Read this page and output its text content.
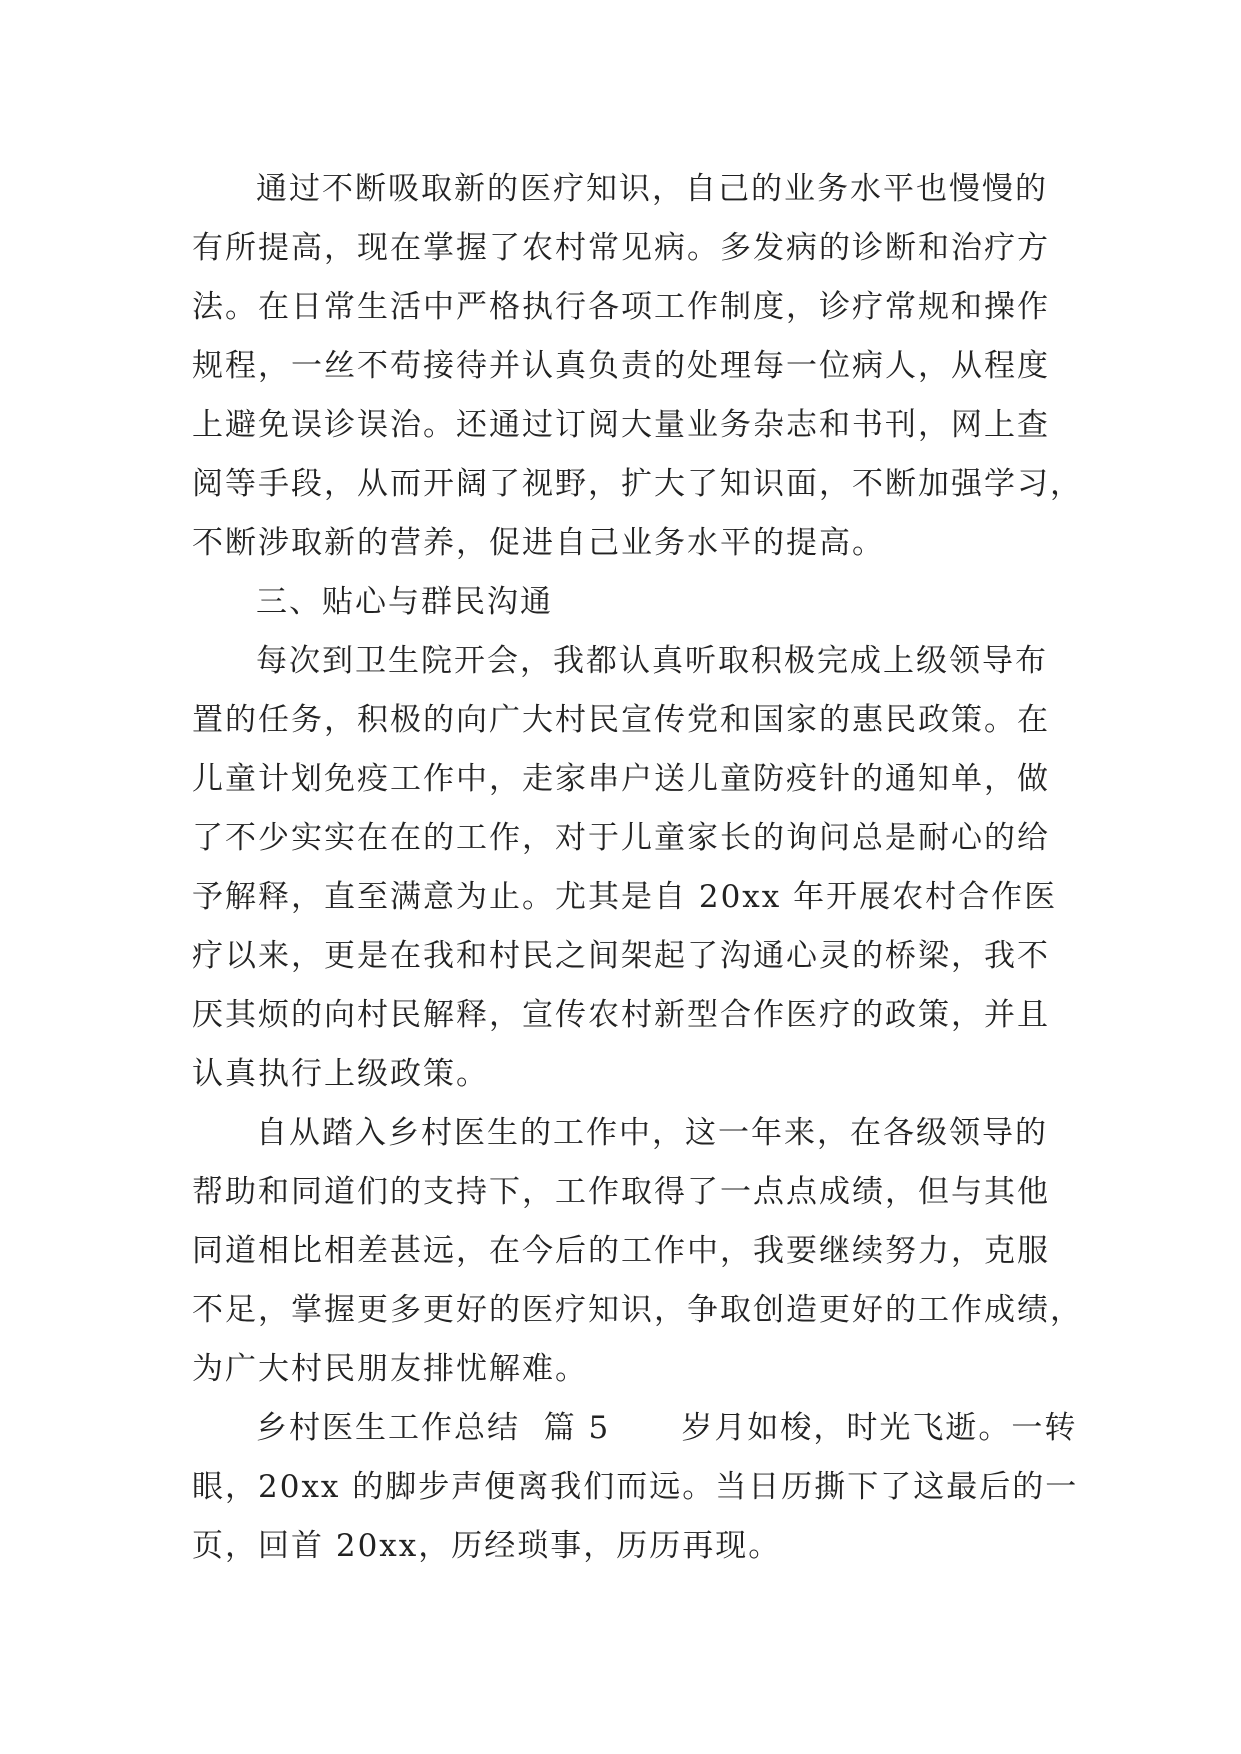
通过不断吸取新的医疗知识，自己的业务水平也慢慢的
有所提高，现在掌握了农村常见病。多发病的诊断和治疗方
法。在日常生活中严格执行各项工作制度，诊疗常规和操作
规程，一丝不苟接待并认真负责的处理每一位病人，从程度
上避免误诊误治。还通过订阅大量业务杂志和书刊，网上查
阅等手段，从而开阔了视野，扩大了知识面，不断加强学习，
不断涉取新的营养，促进自己业务水平的提高。
三、贴心与群民沟通
每次到卫生院开会，我都认真听取积极完成上级领导布
置的任务，积极的向广大村民宣传党和国家的惠民政策。在
儿童计划免疫工作中，走家串户送儿童防疫针的通知单，做
了不少实实在在的工作，对于儿童家长的询问总是耐心的给
予解释，直至满意为止。尤其是自 20xx 年开展农村合作医
疗以来，更是在我和村民之间架起了沟通心灵的桥梁，我不
厌其烦的向村民解释，宣传农村新型合作医疗的政策，并且
认真执行上级政策。
自从踏入乡村医生的工作中，这一年来，在各级领导的
帮助和同道们的支持下，工作取得了一点点成绩，但与其他
同道相比相差甚远，在今后的工作中，我要继续努力，克服
不足，掌握更多更好的医疗知识，争取创造更好的工作成绩，
为广大村民朋友排忧解难。
乡村医生工作总结  篇 5      岁月如梭，时光飞逝。一转
眼，20xx 的脚步声便离我们而远。当日历撕下了这最后的一
页，回首 20xx，历经琐事，历历再现。
